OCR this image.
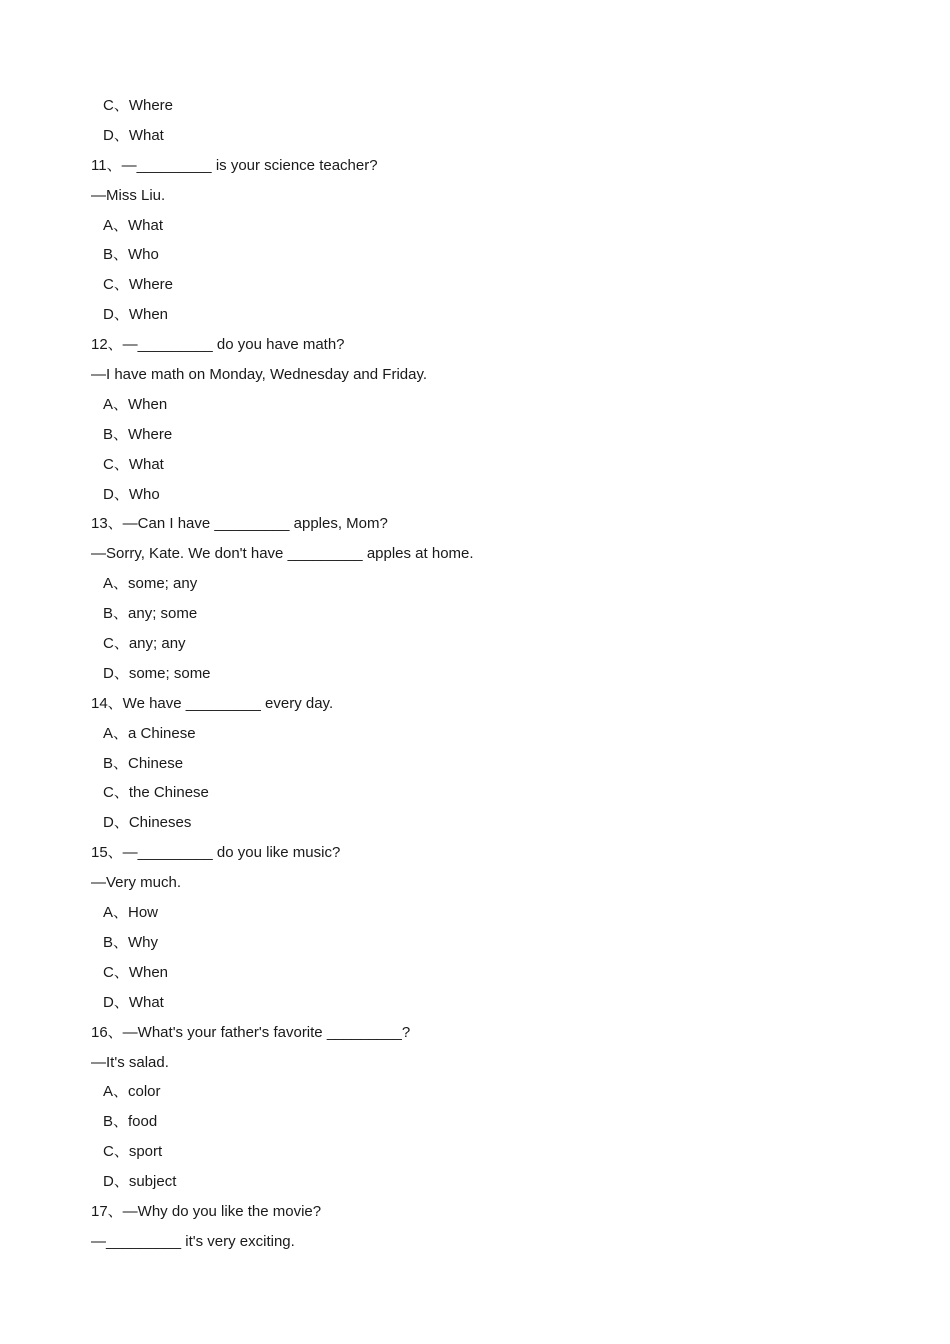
C、Where
D、What
11、—_________ is your science teacher?
—Miss Liu.
A、What
B、Who
C、Where
D、When
12、—_________ do you have math?
—I have math on Monday, Wednesday and Friday.
A、When
B、Where
C、What
D、Who
13、—Can I have _________ apples, Mom?
—Sorry, Kate. We don't have _________ apples at home.
A、some; any
B、any; some
C、any; any
D、some; some
14、We have _________ every day.
A、a Chinese
B、Chinese
C、the Chinese
D、Chineses
15、—_________ do you like music?
—Very much.
A、How
B、Why
C、When
D、What
16、—What's your father's favorite _________?
—It's salad.
A、color
B、food
C、sport
D、subject
17、—Why do you like the movie?
—_________ it's very exciting.
